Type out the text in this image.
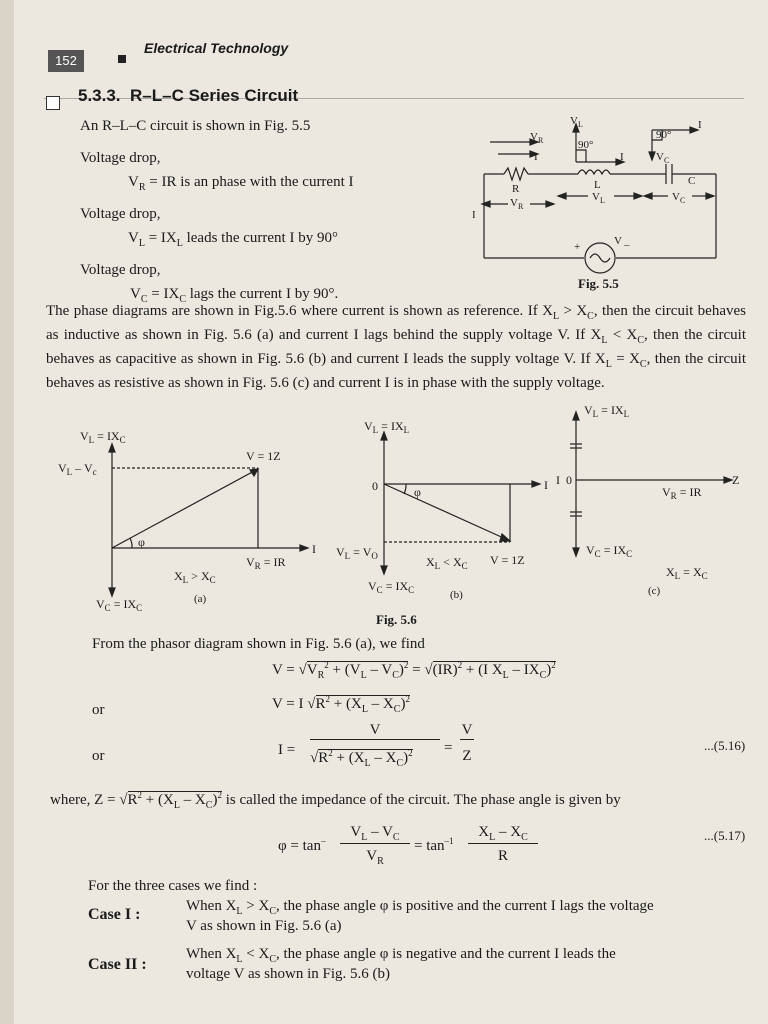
152
Electrical Technology
5.3.3. R–L–C Series Circuit
An R–L–C circuit is shown in Fig. 5.5
Voltage drop,
$V_R$ = IR is an phase with the current I
Voltage drop,
$V_L = IX_L$ leads the current I by 90°
Voltage drop,
$V_C = IX_C$ lags the current I by 90°.
$V_R$
I
$V_L$
90°
I
90°
I
$V_C$
R	L	C
$V_R$
$V_L$	$V_C$
I
+	V –
Fig. 5.5
The phase diagrams are shown in Fig.5.6 where current is shown as reference. If $X_L > X_C$, then the circuit behaves as inductive as shown in Fig. 5.6 (a) and current I lags behind the supply voltage V. If $X_L < X_C$, then the circuit behaves as capacitive as shown in Fig. 5.6 (b) and current I leads the supply voltage V. If $X_L = X_C$, then the circuit behaves as resistive as shown in Fig. 5.6 (c) and current I is in phase with the supply voltage.
$V_L = IX_C$
$V_L - V_c$
V = 1Z
φ
$V_R$ = IR
I
$X_L > X_C$
(a)
$V_C = IX_C$
$V_L = IX_L$
0	φ	I
$V_L = V_O$	$X_L < X_C$ V = 1Z
$V_C = IX_C$	(b)
$V_L = IX_L$
I 0	Z
$V_R$ = IR
$V_C = IX_C$
$X_L = X_C$
(c)
Fig. 5.6
From the phasor diagram shown in Fig. 5.6 (a), we find
$V = √V_R^2 + (V_L - V_C)^2 = √(IR)^2 + (I$ $X_L - IX_C)^2$
or	V = I $√R^2 + (X_L - X_C)^2$
or	I =
V
$√R^2 + (X_L - X_C)^2$ =
V
Z
...(5.16)
where, $Z = √R^2 + (X_L - X_C)^2$ is called the impedance of the circuit. The phase angle is given by
φ = tan–
$V_L - V_C$
$V_R$
= $\tan^{-1}$
$X_L - X_C$
R
...(5.17)
For the three cases we find :
Case I :	When $X_L > X_C$, the phase angle φ is positive and the current I lags the voltage
V as shown in Fig. 5.6 (a)
Case II :
When $X_L < X_C$, the phase angle φ is negative and the current I leads the
voltage V as shown in Fig. 5.6 (b)
